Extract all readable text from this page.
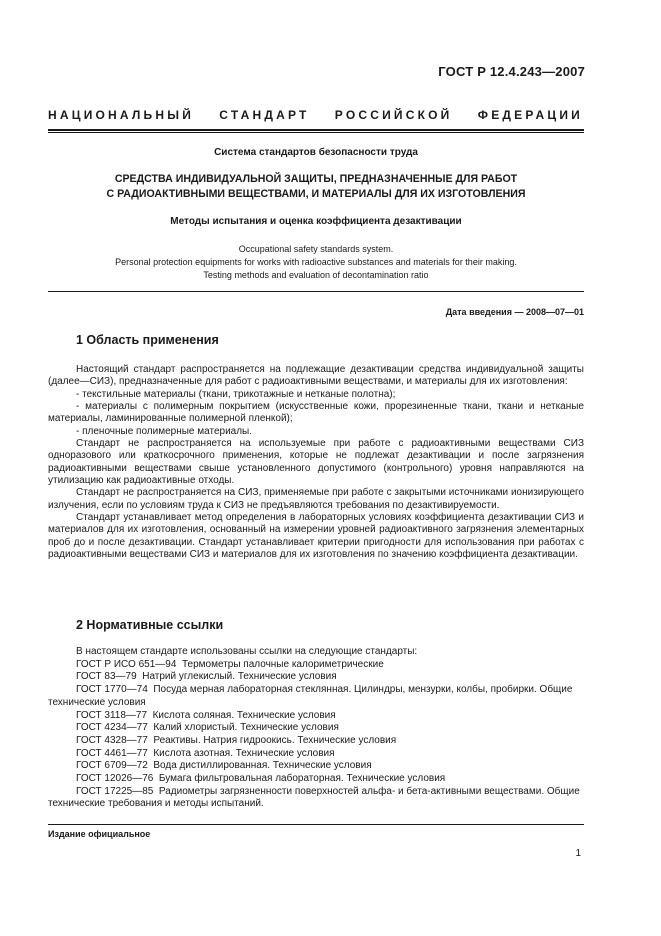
ГОСТ Р 12.4.243—2007
НАЦИОНАЛЬНЫЙ СТАНДАРТ РОССИЙСКОЙ ФЕДЕРАЦИИ
Система стандартов безопасности труда
СРЕДСТВА ИНДИВИДУАЛЬНОЙ ЗАЩИТЫ, ПРЕДНАЗНАЧЕННЫЕ ДЛЯ РАБОТ
С РАДИОАКТИВНЫМИ ВЕЩЕСТВАМИ, И МАТЕРИАЛЫ ДЛЯ ИХ ИЗГОТОВЛЕНИЯ
Методы испытания и оценка коэффициента дезактивации
Occupational safety standards system.
Personal protection equipments for works with radioactive substances and materials for their making.
Testing methods and evaluation of decontamination ratio
Дата введения — 2008—07—01
1 Область применения

Настоящий стандарт распространяется на подлежащие дезактивации средства индивидуальной защиты (далее—СИЗ), предназначенные для работ с радиоактивными веществами, и материалы для их изготовления:

- текстильные материалы (ткани, трикотажные и нетканые полотна);

- материалы с полимерным покрытием (искусственные кожи, прорезиненные ткани, ткани и нетканые материалы, ламинированные полимерной пленкой);

- пленочные полимерные материалы.

Стандарт не распространяется на используемые при работе с радиоактивными веществами СИЗ одноразового или краткосрочного применения, которые не подлежат дезактивации и после загрязнения радиоактивными веществами свыше установленного допустимого (контрольного) уровня направляются на утилизацию как радиоактивные отходы.

Стандарт не распространяется на СИЗ, применяемые при работе с закрытыми источниками ионизирующего излучения, если по условиям труда к СИЗ не предъявляются требования по дезактивируемости.

Стандарт устанавливает метод определения в лабораторных условиях коэффициента дезактивации СИЗ и материалов для их изготовления, основанный на измерении уровней радиоактивного загрязнения элементарных проб до и после дезактивации. Стандарт устанавливает критерии пригодности для использования при работах с радиоактивными веществами СИЗ и материалов для их изготовления по значению коэффициента дезактивации.

2 Нормативные ссылки

В настоящем стандарте использованы ссылки на следующие стандарты:

ГОСТ Р ИСО 651—94 Термометры палочные калориметрические

ГОСТ 83—79 Натрий углекислый. Технические условия

ГОСТ 1770—74 Посуда мерная лабораторная стеклянная. Цилиндры, мензурки, колбы, пробирки. Общие технические условия

ГОСТ 3118—77 Кислота соляная. Технические условия

ГОСТ 4234—77 Калий хлористый. Технические условия

ГОСТ 4328—77 Реактивы. Натрия гидроокись. Технические условия

ГОСТ 4461—77 Кислота азотная. Технические условия

ГОСТ 6709—72 Вода дистиллированная. Технические условия

ГОСТ 12026—76 Бумага фильтровальная лабораторная. Технические условия

ГОСТ 17225—85 Радиометры загрязненности поверхностей альфа- и бета-активными веществами. Общие технические требования и методы испытаний.

Издание официальное
1
